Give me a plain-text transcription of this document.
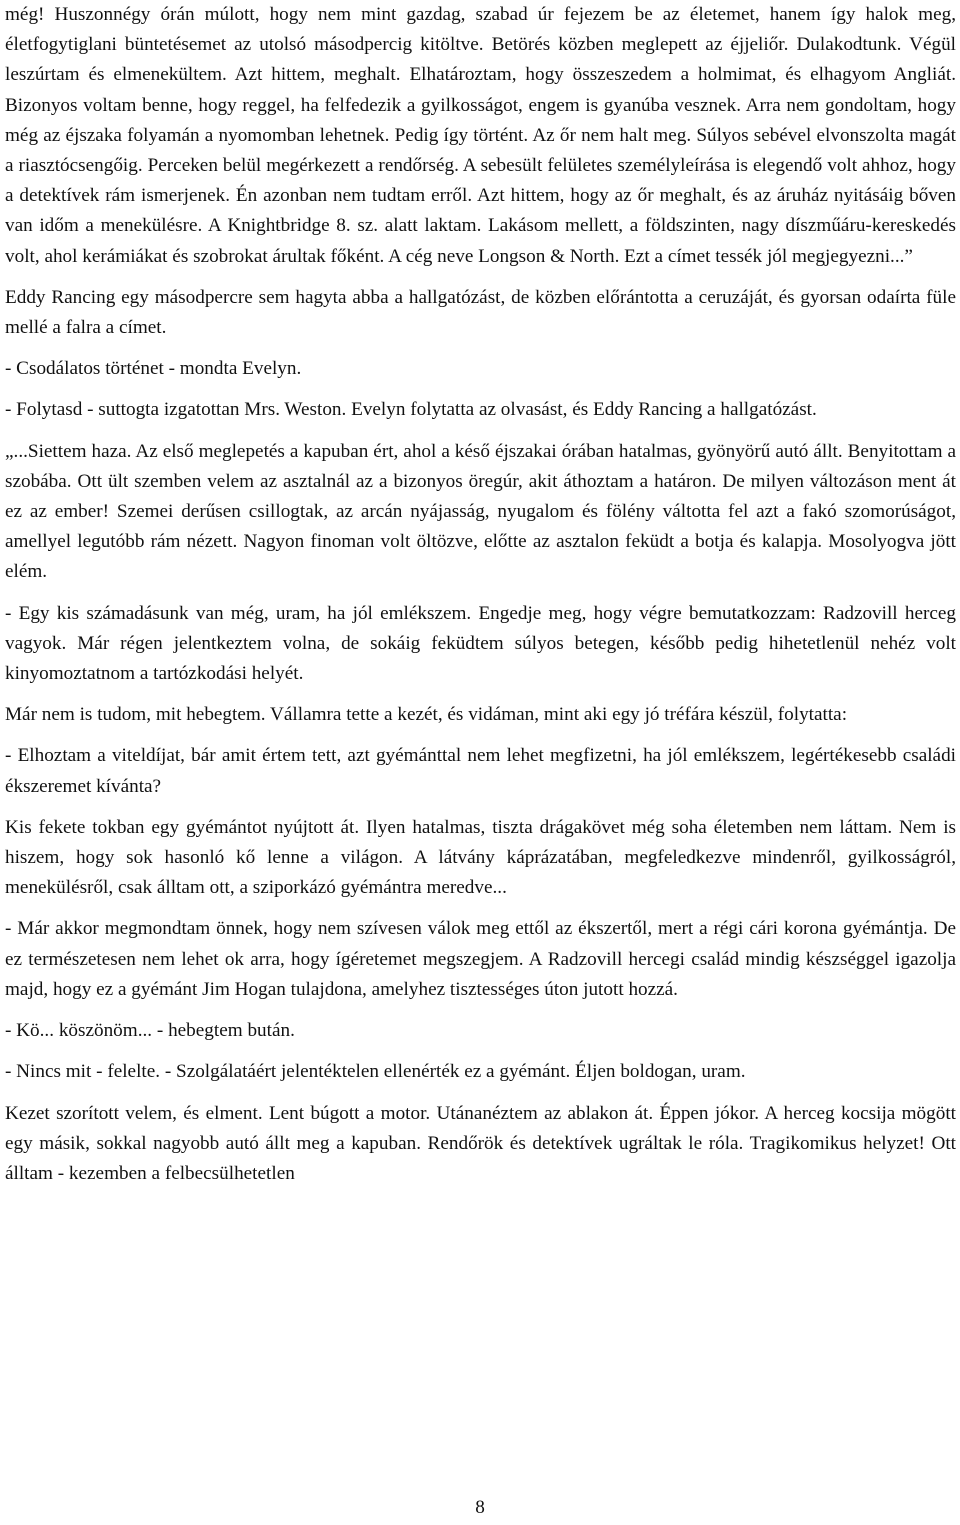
még! Huszonnégy órán múlott, hogy nem mint gazdag, szabad úr fejezem be az életemet, hanem így halok meg, életfogytiglani büntetésemet az utolsó másodpercig kitöltve. Betörés közben meglepett az éjjeliőr. Dulakodtunk. Végül leszúrtam és elmenekültem. Azt hittem, meghalt. Elhatároztam, hogy összeszedem a holmimat, és elhagyom Angliát. Bizonyos voltam benne, hogy reggel, ha felfedezik a gyilkosságot, engem is gyanúba vesznek. Arra nem gondoltam, hogy még az éjszaka folyamán a nyomomban lehetnek. Pedig így történt. Az őr nem halt meg. Súlyos sebével elvonszolta magát a riasztócsengőig. Perceken belül megérkezett a rendőrség. A sebesült felületes személyleírása is elegendő volt ahhoz, hogy a detektívek rám ismerjenek. Én azonban nem tudtam erről. Azt hittem, hogy az őr meghalt, és az áruház nyitásáig bőven van időm a menekülésre. A Knightbridge 8. sz. alatt laktam. Lakásom mellett, a földszinten, nagy díszműáru-kereskedés volt, ahol kerámiákat és szobrokat árultak főként. A cég neve Longson & North. Ezt a címet tessék jól megjegyezni...”

Eddy Rancing egy másodpercre sem hagyta abba a hallgatózást, de közben előrántotta a ceruzáját, és gyorsan odaírta füle mellé a falra a címet.

- Csodálatos történet - mondta Evelyn.

- Folytasd - suttogta izgatottan Mrs. Weston. Evelyn folytatta az olvasást, és Eddy Rancing a hallgatózást.

„...Siettem haza. Az első meglepetés a kapuban ért, ahol a késő éjszakai órában hatalmas, gyönyörű autó állt. Benyitottam a szobába. Ott ült szemben velem az asztalnál az a bizonyos öregúr, akit áthoztam a határon. De milyen változáson ment át ez az ember! Szemei derűsen csillogtak, az arcán nyájasság, nyugalom és fölény váltotta fel azt a fakó szomorúságot, amellyel legutóbb rám nézett. Nagyon finoman volt öltözve, előtte az asztalon feküdt a botja és kalapja. Mosolyogva jött elém.

- Egy kis számadásunk van még, uram, ha jól emlékszem. Engedje meg, hogy végre bemutatkozzam: Radzovill herceg vagyok. Már régen jelentkeztem volna, de sokáig feküdtem súlyos betegen, később pedig hihetetlenül nehéz volt kinyomoztatnom a tartózkodási helyét.

Már nem is tudom, mit hebegtem. Vállamra tette a kezét, és vidáman, mint aki egy jó tréfára készül, folytatta:

- Elhoztam a viteldíjat, bár amit értem tett, azt gyémánttal nem lehet megfizetni, ha jól emlékszem, legértékesebb családi ékszeremet kívánta?

Kis fekete tokban egy gyémántot nyújtott át. Ilyen hatalmas, tiszta drágakövet még soha életemben nem láttam. Nem is hiszem, hogy sok hasonló kő lenne a világon. A látvány káprázatában, megfeledkezve mindenről, gyilkosságról, menekülésről, csak álltam ott, a sziporkázó gyémántra meredve...

- Már akkor megmondtam önnek, hogy nem szívesen válok meg ettől az ékszertől, mert a régi cári korona gyémántja. De ez természetesen nem lehet ok arra, hogy ígéretemet megszegjem. A Radzovill hercegi család mindig készséggel igazolja majd, hogy ez a gyémánt Jim Hogan tulajdona, amelyhez tisztességes úton jutott hozzá.

- Kö... köszönöm... - hebegtem bután.

- Nincs mit - felelte. - Szolgálatáért jelentéktelen ellenérték ez a gyémánt. Éljen boldogan, uram.

Kezet szorított velem, és elment. Lent búgott a motor. Utánanéztem az ablakon át. Éppen jókor. A herceg kocsija mögött egy másik, sokkal nagyobb autó állt meg a kapuban. Rendőrök és detektívek ugráltak le róla. Tragikomikus helyzet! Ott álltam - kezemben a felbecsülhetetlen

8
